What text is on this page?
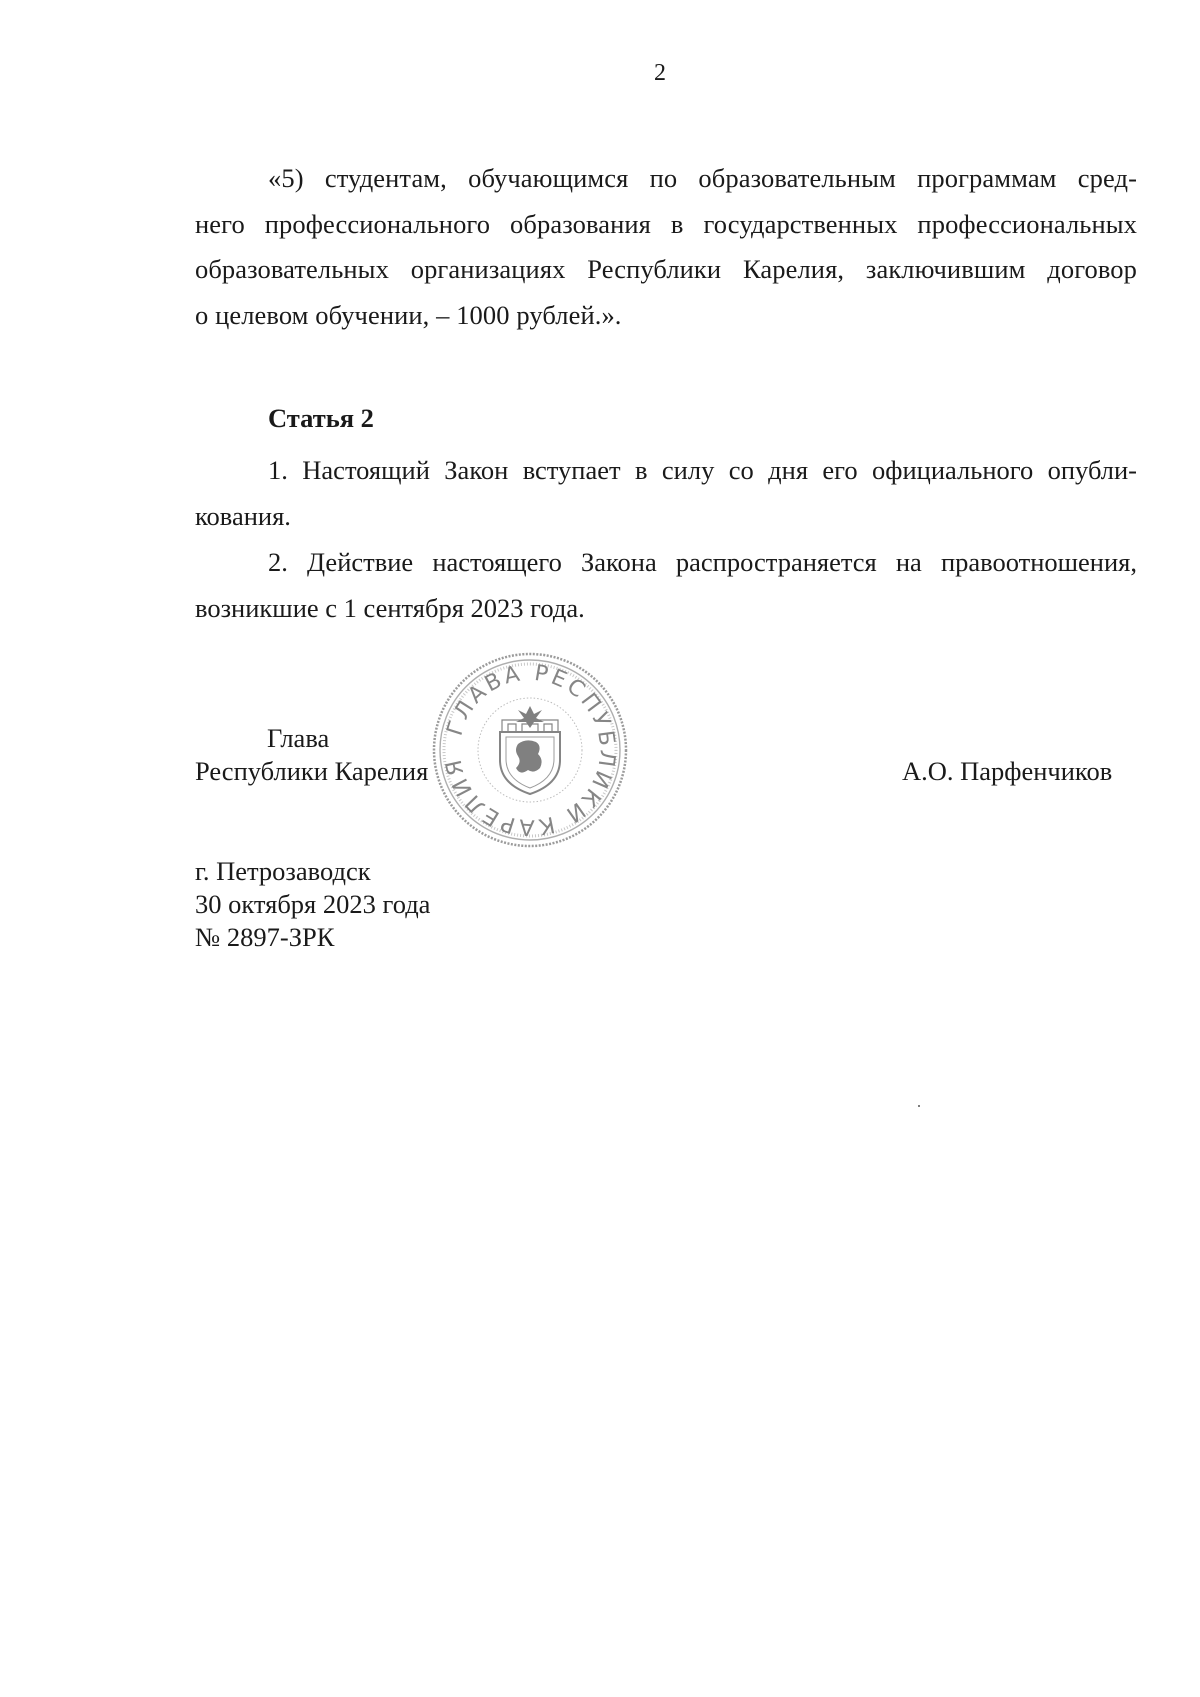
2
«5) студентам, обучающимся по образовательным программам сред-
него профессионального образования в государственных профессиональных
образовательных организациях Республики Карелия, заключившим договор
о целевом обучении, – 1000 рублей.».
Статья 2
1. Настоящий Закон вступает в силу со дня его официального опубли-
кования.
2. Действие настоящего Закона распространяется на правоотношения,
возникшие с 1 сентября 2023 года.
ГЛАВА РЕСПУБЛИКИ КАРЕЛИЯ
Глава
Республики Карелия	А.О. Парфенчиков
г. Петрозаводск
30 октября 2023 года
№ 2897-ЗРК
